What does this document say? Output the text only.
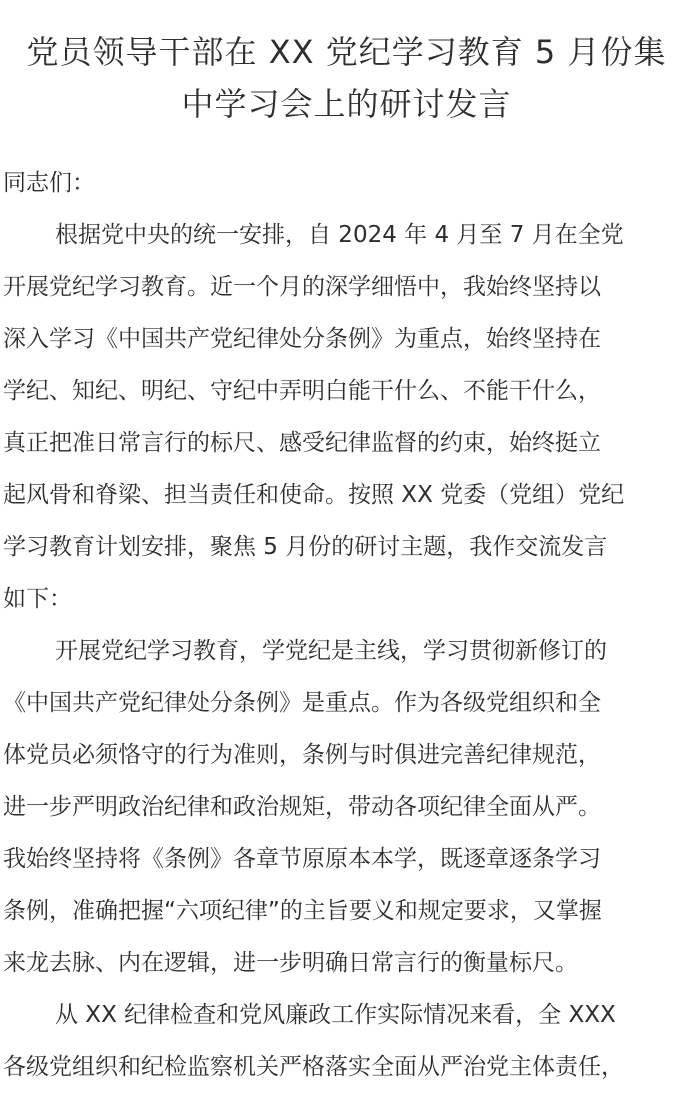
党员领导干部在 XX 党纪学习教育 5 月份集
中学习会上的研讨发言
同志们：
根据党中央的统一安排，自 2024 年 4 月至 7 月在全党
开展党纪学习教育。近一个月的深学细悟中，我始终坚持以
深入学习《中国共产党纪律处分条例》为重点，始终坚持在
学纪、知纪、明纪、守纪中弄明白能干什么、不能干什么，
真正把准日常言行的标尺、感受纪律监督的约束，始终挺立
起风骨和脊梁、担当责任和使命。按照 XX 党委（党组）党纪
学习教育计划安排，聚焦 5 月份的研讨主题，我作交流发言
如下：
开展党纪学习教育，学党纪是主线，学习贯彻新修订的
《中国共产党纪律处分条例》是重点。作为各级党组织和全
体党员必须恪守的行为准则，条例与时俱进完善纪律规范，
进一步严明政治纪律和政治规矩，带动各项纪律全面从严。
我始终坚持将《条例》各章节原原本本学，既逐章逐条学习
条例，准确把握“六项纪律”的主旨要义和规定要求，又掌握
来龙去脉、内在逻辑，进一步明确日常言行的衡量标尺。
从 XX 纪律检查和党风廉政工作实际情况来看，全 XXX
各级党组织和纪检监察机关严格落实全面从严治党主体责任，
